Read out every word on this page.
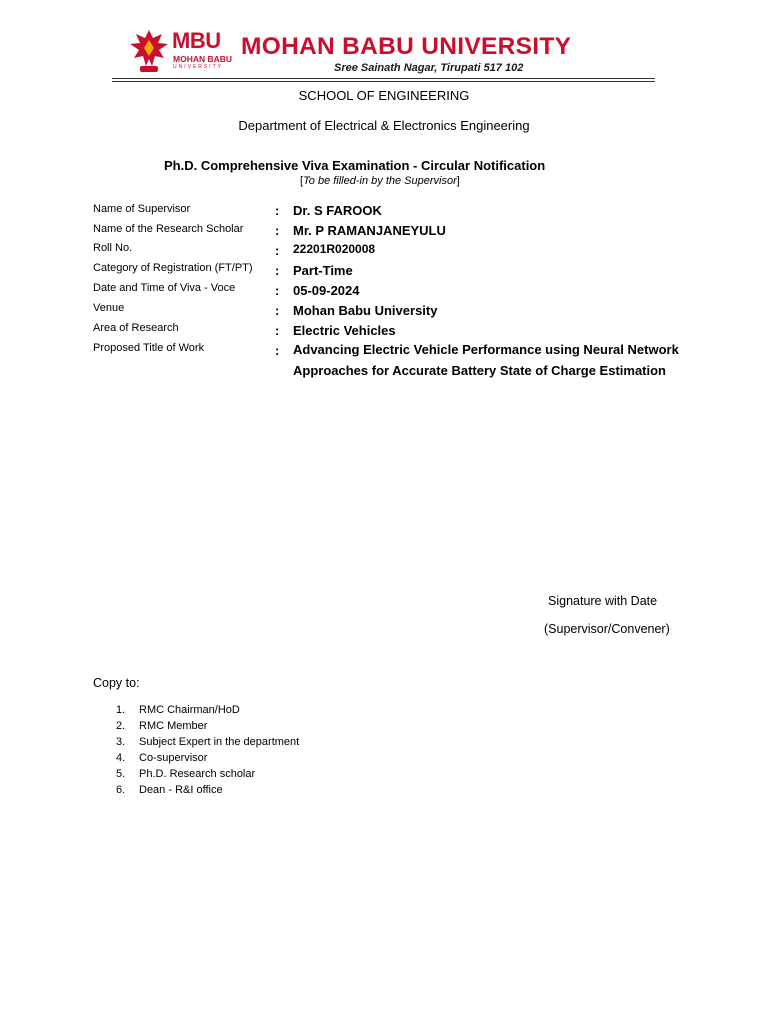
MBU
MOHAN BABU
UNIVERSITY
MOHAN BABU UNIVERSITY
Sree Sainath Nagar, Tirupati 517 102
SCHOOL OF ENGINEERING
Department of Electrical & Electronics Engineering
Ph.D. Comprehensive Viva Examination - Circular Notification
[To be filled-in by the Supervisor]
Name of Supervisor	: Dr. S FAROOK
Name of the Research Scholar : Mr. P RAMANJANEYULU
Roll No.	: 22201R020008
Category of Registration (FT/PT) : Part-Time
Date and Time of Viva - Voce	: 05-09-2024
Venue	: Mohan Babu University
Area of Research	: Electric Vehicles
Proposed Title of Work	: Advancing Electric Vehicle Performance using Neural Network Approaches for Accurate Battery State of Charge Estimation
Signature with Date
(Supervisor/Convener)
Copy to:
1. RMC Chairman/HoD
2. RMC Member
3. Subject Expert in the department
4. Co-supervisor
5. Ph.D. Research scholar
6. Dean - R&I office
